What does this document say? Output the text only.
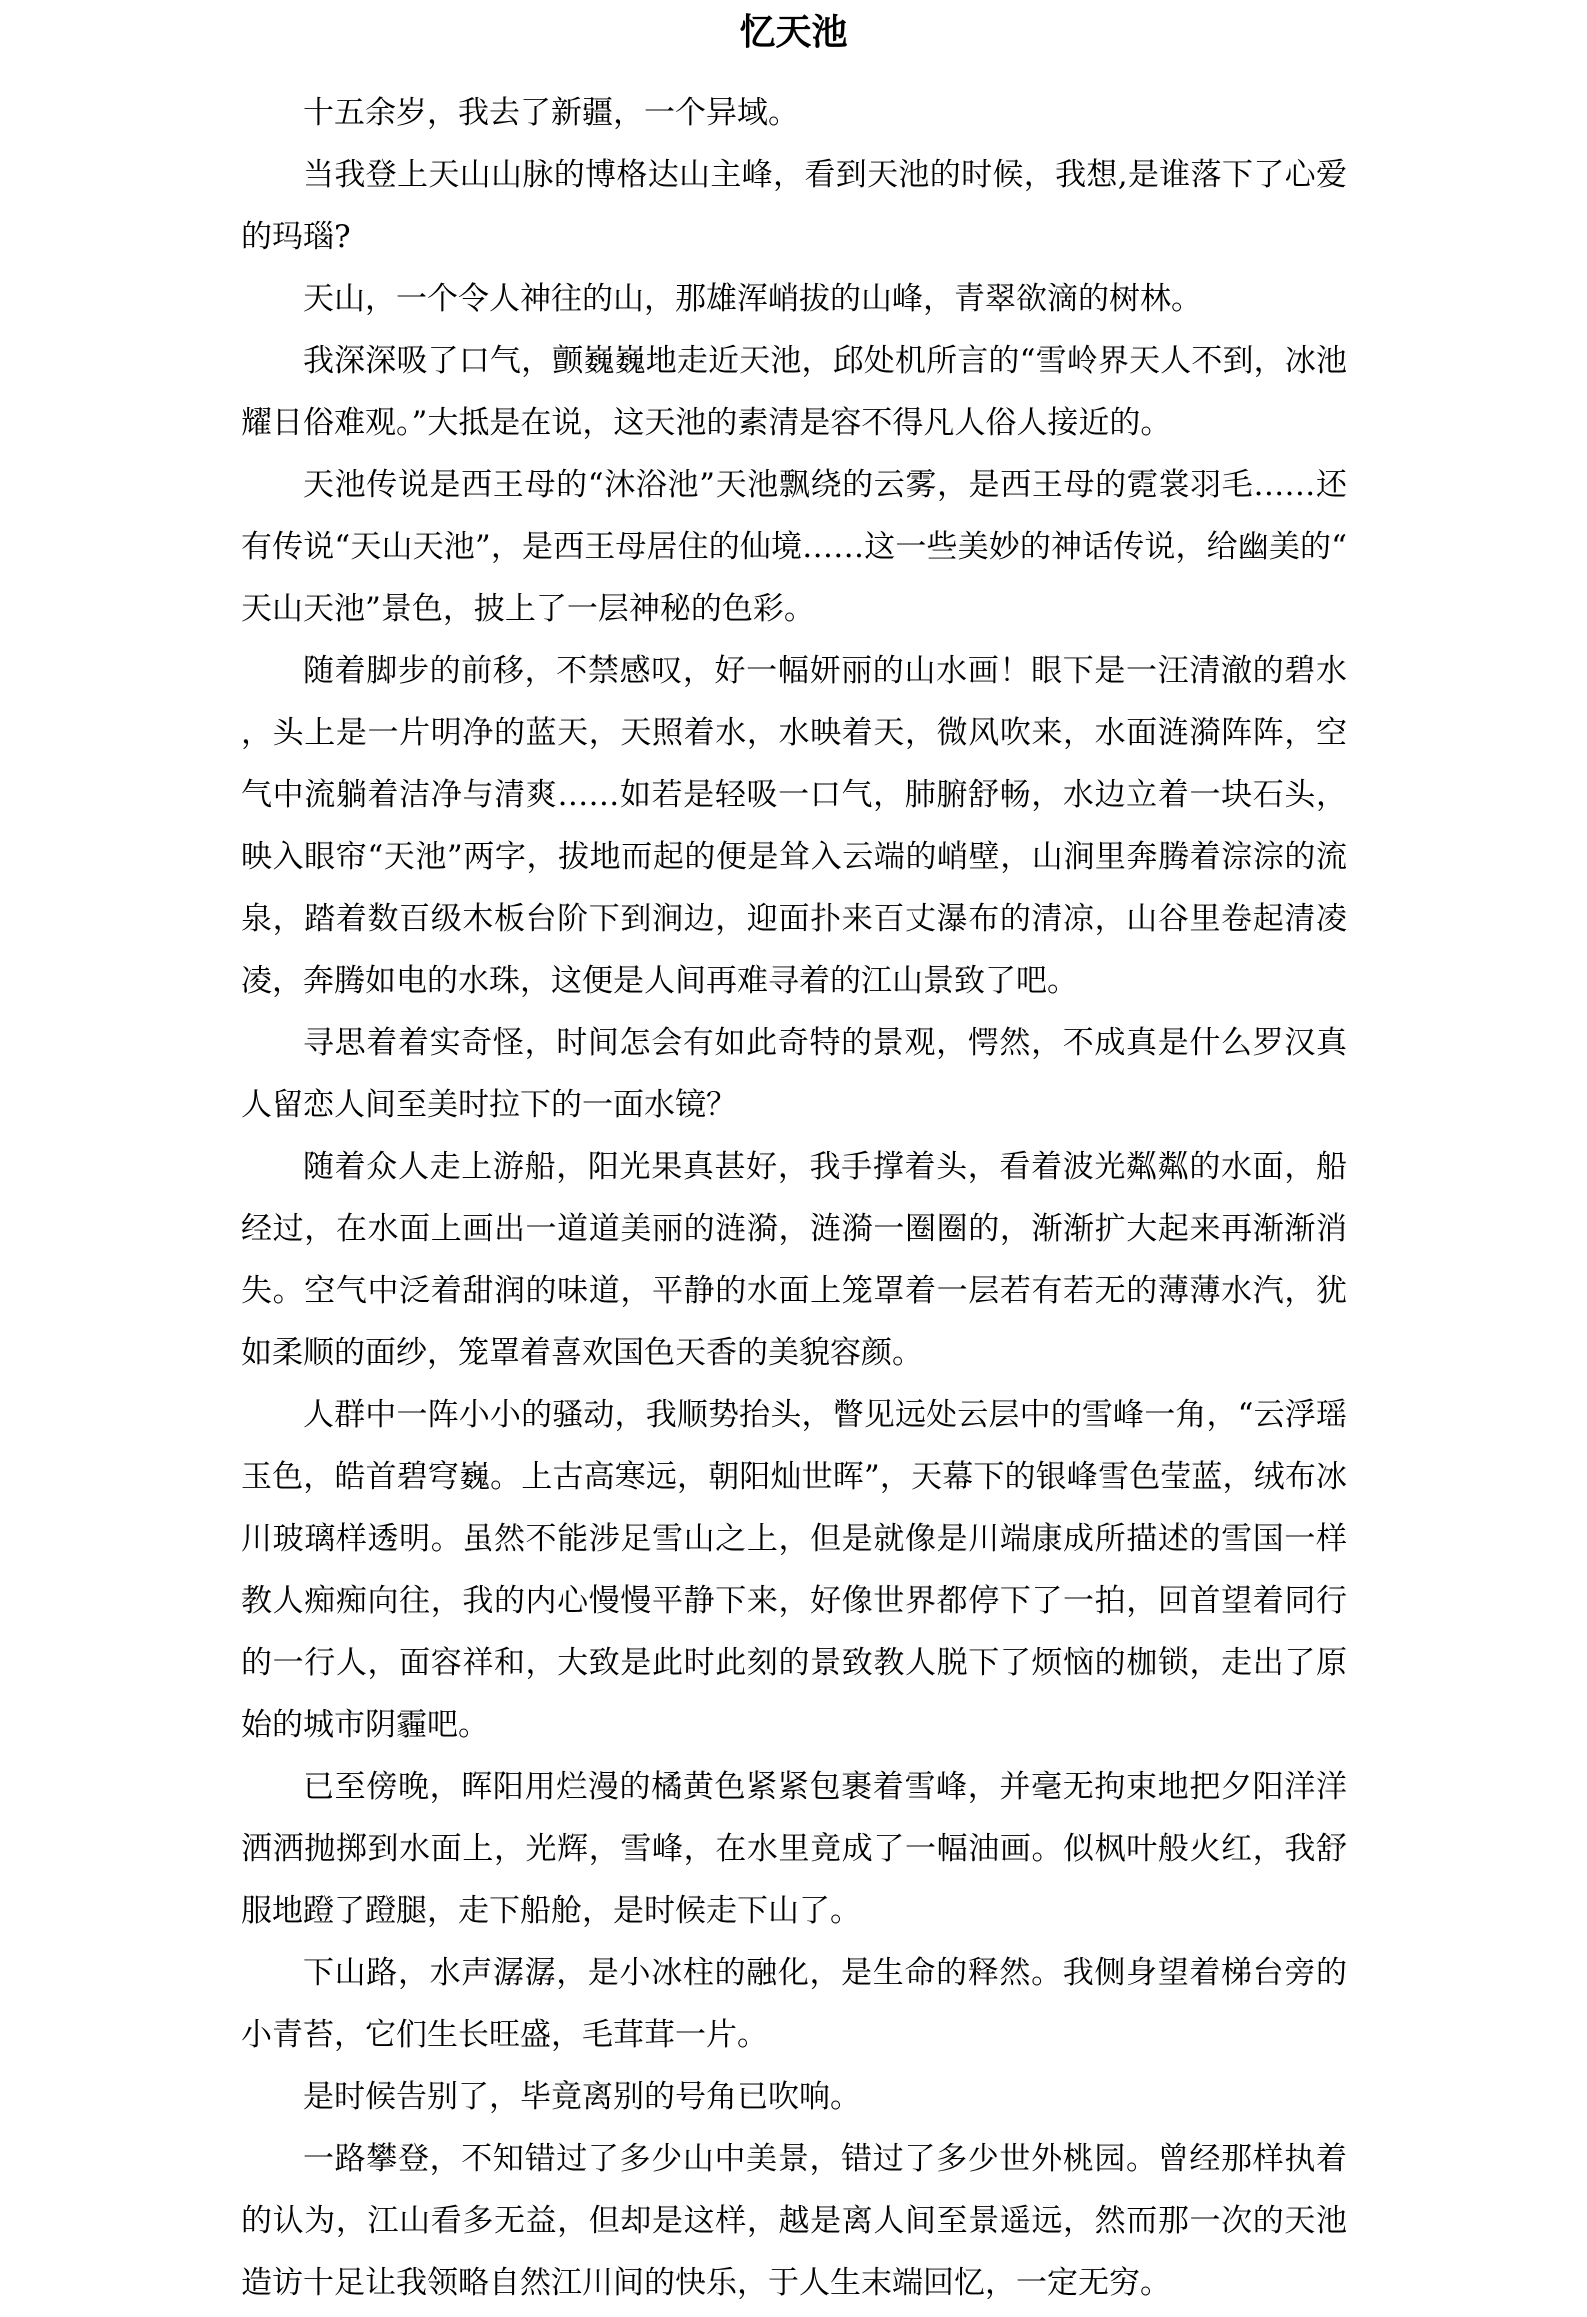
忆天池

十五余岁，我去了新疆，一个异域。

当我登上天山山脉的博格达山主峰，看到天池的时候，我想,是谁落下了心爱的玛瑙?

天山，一个令人神往的山，那雄浑峭拔的山峰，青翠欲滴的树林。

我深深吸了口气，颤巍巍地走近天池，邱处机所言的“雪岭界天人不到，冰池耀日俗难观。”大抵是在说，这天池的素清是容不得凡人俗人接近的。

天池传说是西王母的“沐浴池”天池飘绕的云雾，是西王母的霓裳羽毛……还有传说“天山天池”，是西王母居住的仙境……这一些美妙的神话传说，给幽美的“天山天池”景色，披上了一层神秘的色彩。

随着脚步的前移，不禁感叹，好一幅妍丽的山水画！眼下是一汪清澈的碧水，头上是一片明净的蓝天，天照着水，水映着天，微风吹来，水面涟漪阵阵，空气中流躺着洁净与清爽……如若是轻吸一口气，肺腑舒畅，水边立着一块石头，映入眼帘“天池”两字，拔地而起的便是耸入云端的峭壁，山涧里奔腾着淙淙的流泉，踏着数百级木板台阶下到涧边，迎面扑来百丈瀑布的清凉，山谷里卷起清凌凌，奔腾如电的水珠，这便是人间再难寻着的江山景致了吧。

寻思着着实奇怪，时间怎会有如此奇特的景观，愕然，不成真是什么罗汉真人留恋人间至美时拉下的一面水镜？

随着众人走上游船，阳光果真甚好，我手撑着头，看着波光粼粼的水面，船经过，在水面上画出一道道美丽的涟漪，涟漪一圈圈的，渐渐扩大起来再渐渐消失。空气中泛着甜润的味道，平静的水面上笼罩着一层若有若无的薄薄水汽，犹如柔顺的面纱，笼罩着喜欢国色天香的美貌容颜。

人群中一阵小小的骚动，我顺势抬头，瞥见远处云层中的雪峰一角，“云浮瑶玉色，皓首碧穹巍。上古高寒远，朝阳灿世晖”，天幕下的银峰雪色莹蓝，绒布冰川玻璃样透明。虽然不能涉足雪山之上，但是就像是川端康成所描述的雪国一样教人痴痴向往，我的内心慢慢平静下来，好像世界都停下了一拍，回首望着同行的一行人，面容祥和，大致是此时此刻的景致教人脱下了烦恼的枷锁，走出了原始的城市阴霾吧。

已至傍晚，晖阳用烂漫的橘黄色紧紧包裹着雪峰，并毫无拘束地把夕阳洋洋洒洒抛掷到水面上，光辉，雪峰，在水里竟成了一幅油画。似枫叶般火红，我舒服地蹬了蹬腿，走下船舱，是时候走下山了。

下山路，水声潺潺，是小冰柱的融化，是生命的释然。我侧身望着梯台旁的小青苔，它们生长旺盛，毛茸茸一片。

是时候告别了，毕竟离别的号角已吹响。

一路攀登，不知错过了多少山中美景，错过了多少世外桃园。曾经那样执着的认为，江山看多无益，但却是这样，越是离人间至景遥远，然而那一次的天池造访十足让我领略自然江川间的快乐，于人生末端回忆，一定无穷。
